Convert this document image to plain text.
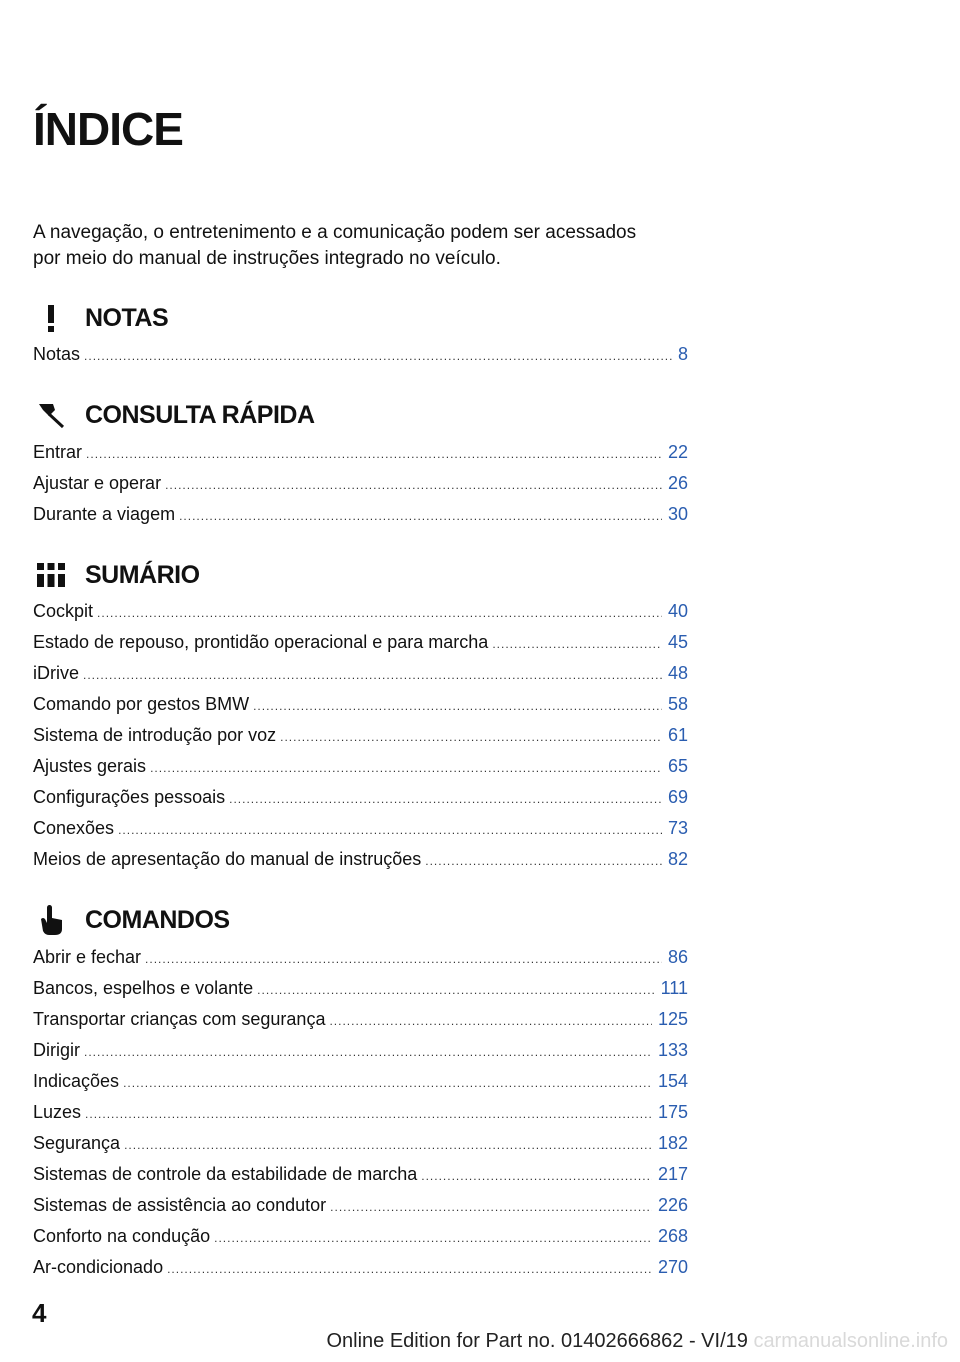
ÍNDICE

A navegação, o entretenimento e a comunicação podem ser acessados
por meio do manual de instruções integrado no veículo.

NOTAS
Notas .....	8
CONSULTA RÁPIDA
Entrar .....	22
Ajustar e operar .....	26
Durante a viagem .....	30
SUMÁRIO
Cockpit .....	40
Estado de repouso, prontidão operacional e para marcha .....	45
iDrive .....	48
Comando por gestos BMW .....	58
Sistema de introdução por voz .....	61
Ajustes gerais .....	65
Configurações pessoais .....	69
Conexões .....	73
Meios de apresentação do manual de instruções .....	82
COMANDOS
Abrir e fechar .....	86
Bancos, espelhos e volante .....	111
Transportar crianças com segurança .....	125
Dirigir .....	133
Indicações .....	154
Luzes .....	175
Segurança .....	182
Sistemas de controle da estabilidade de marcha .....	217
Sistemas de assistência ao condutor .....	226
Conforto na condução .....	268
Ar-condicionado .....	270

4

Online Edition for Part no. 01402666862 - VI/19 carmanualsonline.info
